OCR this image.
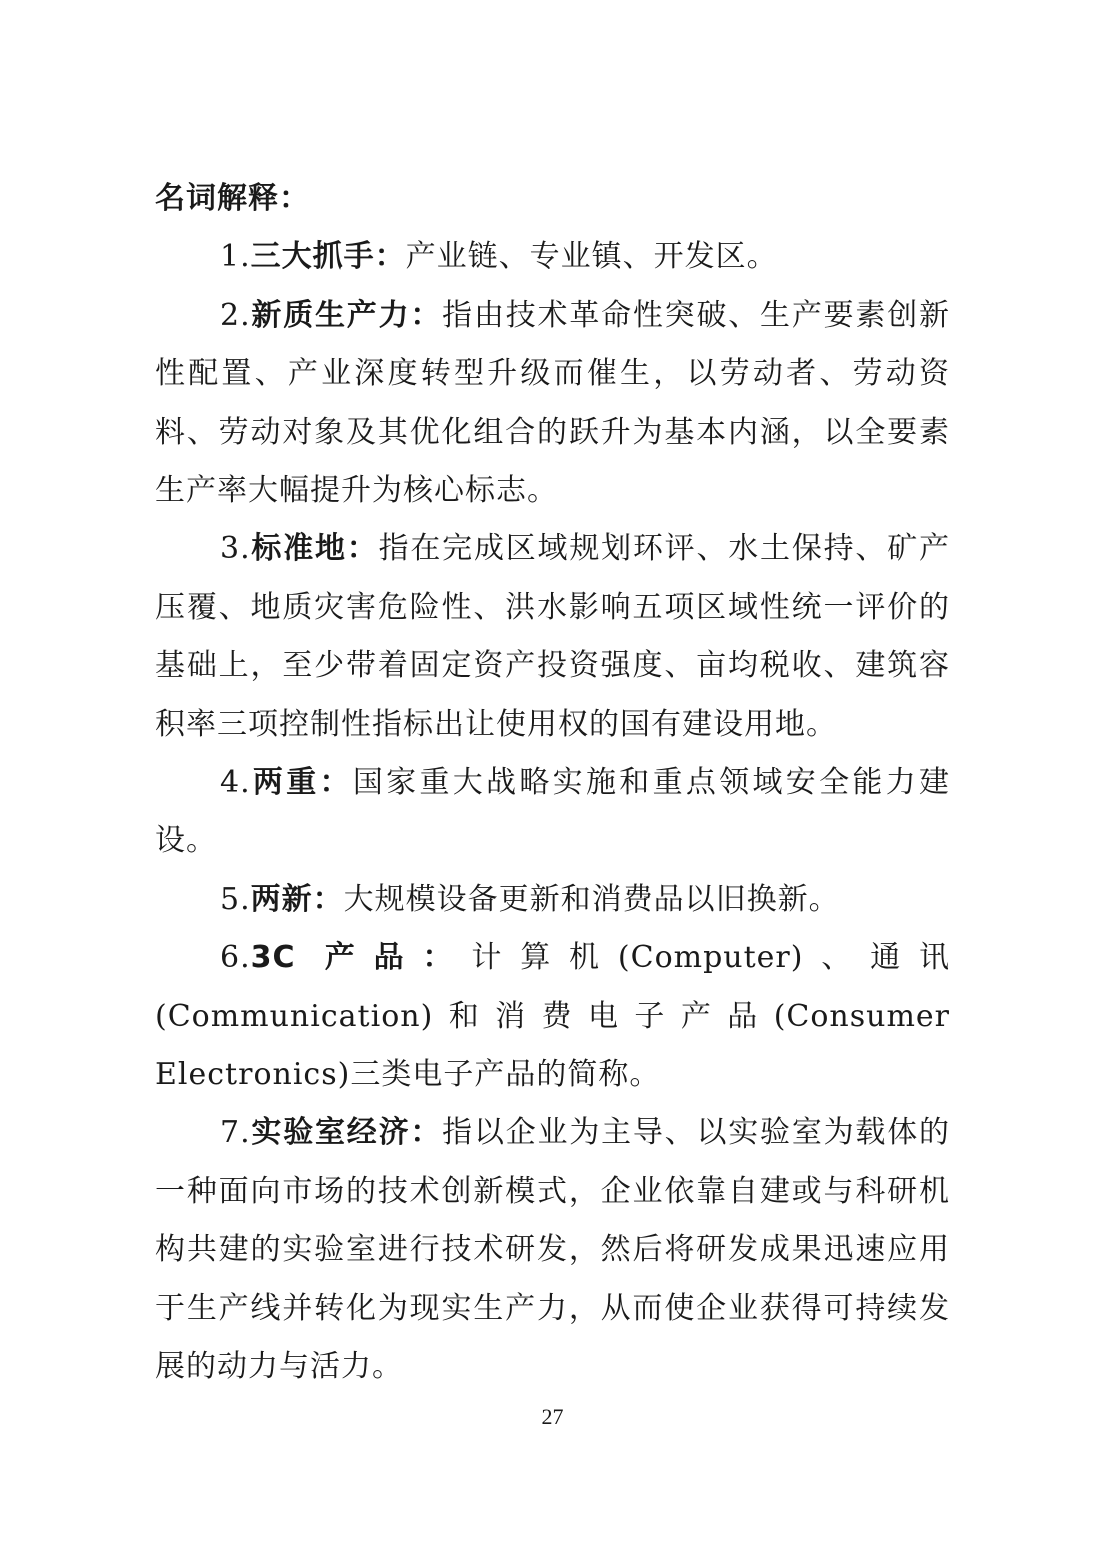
名词解释：

1.三大抓手：产业链、专业镇、开发区。

2.新质生产力：指由技术革命性突破、生产要素创新性配置、产业深度转型升级而催生，以劳动者、劳动资料、劳动对象及其优化组合的跃升为基本内涵，以全要素生产率大幅提升为核心标志。

3.标准地：指在完成区域规划环评、水土保持、矿产压覆、地质灾害危险性、洪水影响五项区域性统一评价的基础上，至少带着固定资产投资强度、亩均税收、建筑容积率三项控制性指标出让使用权的国有建设用地。

4.两重：国家重大战略实施和重点领域安全能力建设。

5.两新：大规模设备更新和消费品以旧换新。

6.3C 产品：计算机(Computer)、通讯(Communication)和消费电子产品(Consumer Electronics)三类电子产品的简称。

7.实验室经济：指以企业为主导、以实验室为载体的一种面向市场的技术创新模式，企业依靠自建或与科研机构共建的实验室进行技术研发，然后将研发成果迅速应用于生产线并转化为现实生产力，从而使企业获得可持续发展的动力与活力。

27
